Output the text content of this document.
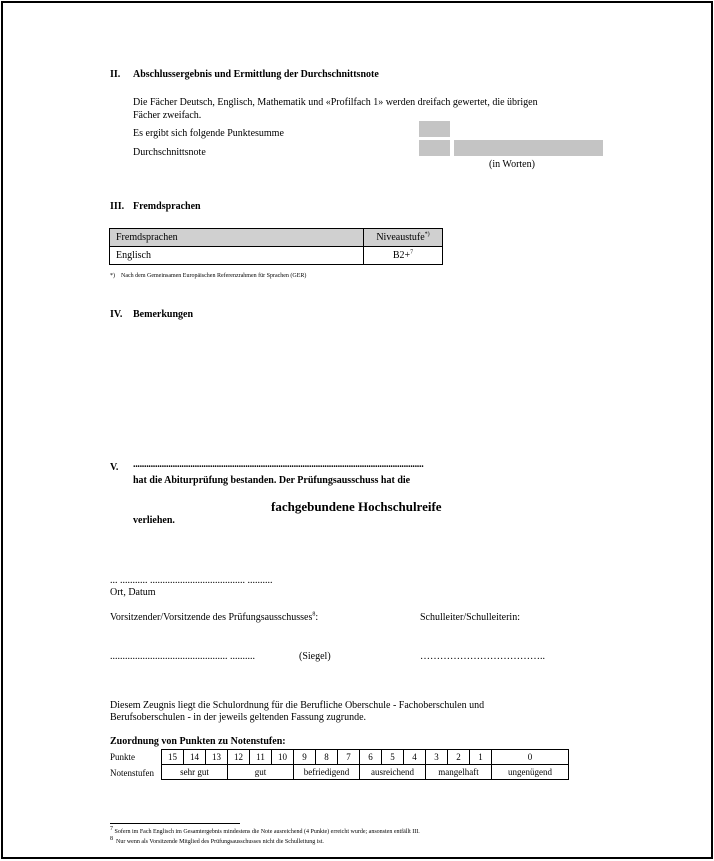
II. Abschlussergebnis und Ermittlung der Durchschnittsnote
Die Fächer Deutsch, Englisch, Mathematik und «Profilfach 1» werden dreifach gewertet, die übrigen
Fächer zweifach.
Es ergibt sich folgende Punktesumme
Durchschnittsnote
(in Worten)
III. Fremdsprachen
Fremdsprachen	Niveaustufe*)
Englisch	B2+$^7$
*) Nach dem Gemeinsamen Europäischen Referenzrahmen für Sprachen (GER)
IV. Bemerkungen
V. ....................................................................................................................................
hat die Abiturprüfung bestanden. Der Prüfungsausschuss hat die
fachgebundene Hochschulreife
verliehen.
... ........... ...................................... ..........
Ort, Datum
Vorsitzender/Vorsitzende des Prüfungsausschusses$^8$:	Schulleiter/Schulleiterin:
............................................... ..........	(Siegel)	………………………………..
Diesem Zeugnis liegt die Schulordnung für die Berufliche Oberschule - Fachoberschulen und
Berufsoberschulen - in der jeweils geltenden Fassung zugrunde.
Zuordnung von Punkten zu Notenstufen:
Punkte
Notenstufen
15	14	13	12	11	10	9	8	7	6	5	4	3	2	1	0
sehr gut			gut			befriedigend			ausreichend			mangelhaft			ungenügend
$^7$ Sofern im Fach Englisch im Gesamtergebnis mindestens die Note ausreichend (4 Punkte) erreicht wurde; ansonsten entfällt III.
$^8$ Nur wenn als Vorsitzende Mitglied des Prüfungsausschusses nicht die Schulleitung ist.
